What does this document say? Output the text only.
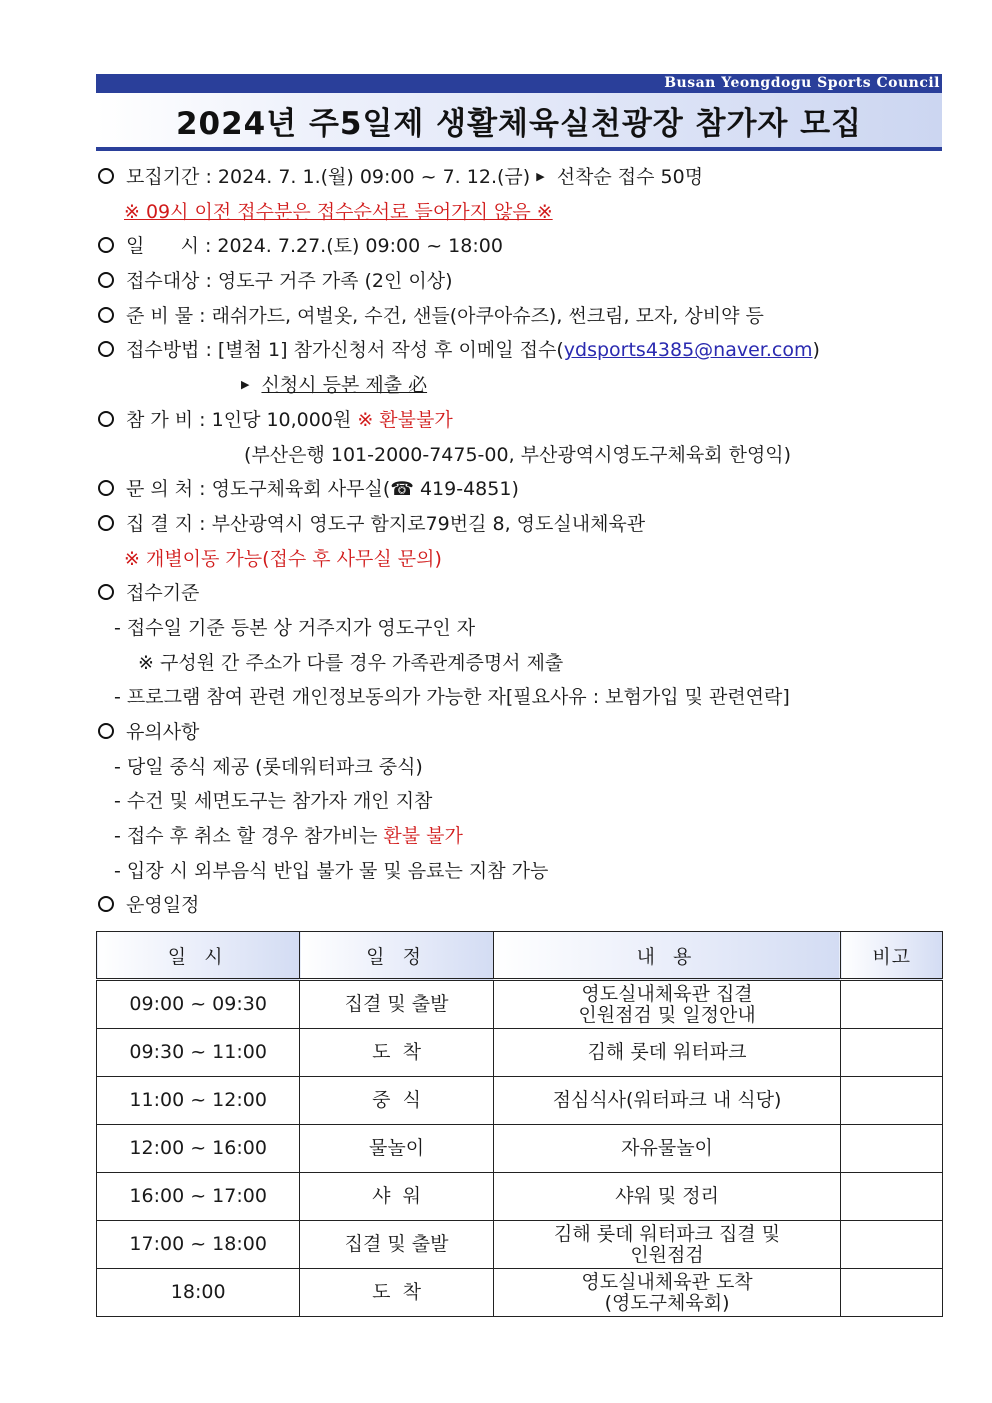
Busan Yeongdogu Sports Council
2024년 주5일제 생활체육실천광장 참가자 모집
모집기간 : 2024. 7. 1.(월) 09:00 ~ 7. 12.(금) ▶ 선착순 접수 50명
※ 09시 이전 접수분은 접수순서로 들어가지 않음 ※
일      시 : 2024. 7.27.(토) 09:00 ~ 18:00
접수대상 : 영도구 거주 가족 (2인 이상)
준 비 물 : 래쉬가드, 여벌옷, 수건, 샌들(아쿠아슈즈), 썬크림, 모자, 상비약 등
접수방법 : [별첨 1] 참가신청서 작성 후 이메일 접수(ydsports4385@naver.com)
▶ 신청시 등본 제출 必
참 가 비 : 1인당 10,000원 ※ 환불불가
(부산은행 101-2000-7475-00, 부산광역시영도구체육회 한영익)
문 의 처 : 영도구체육회 사무실(☎ 419-4851)
집 결 지 : 부산광역시 영도구 함지로79번길 8, 영도실내체육관
※ 개별이동 가능(접수 후 사무실 문의)
접수기준
- 접수일 기준 등본 상 거주지가 영도구인 자
※ 구성원 간 주소가 다를 경우 가족관계증명서 제출
- 프로그램 참여 관련 개인정보동의가 가능한 자[필요사유 : 보험가입 및 관련연락]
유의사항
- 당일 중식 제공 (롯데워터파크 중식)
- 수건 및 세면도구는 참가자 개인 지참
- 접수 후 취소 할 경우 참가비는 환불 불가
- 입장 시 외부음식 반입 불가 물 및 음료는 지참 가능
운영일정
일 시	일 정	내 용	비고
09:00 ~ 09:30	집결 및 출발	영도실내체육관 집결
인원점검 및 일정안내	

09:30 ~ 11:00	도  착	김해 롯데 워터파크	
11:00 ~ 12:00	중  식	점심식사(워터파크 내 식당)	
12:00 ~ 16:00	물놀이	자유물놀이	
16:00 ~ 17:00	샤  워	샤워 및 정리	
17:00 ~ 18:00	집결 및 출발	김해 롯데 워터파크 집결 및
인원점검	

18:00	도  착	영도실내체육관 도착
(영도구체육회)	
